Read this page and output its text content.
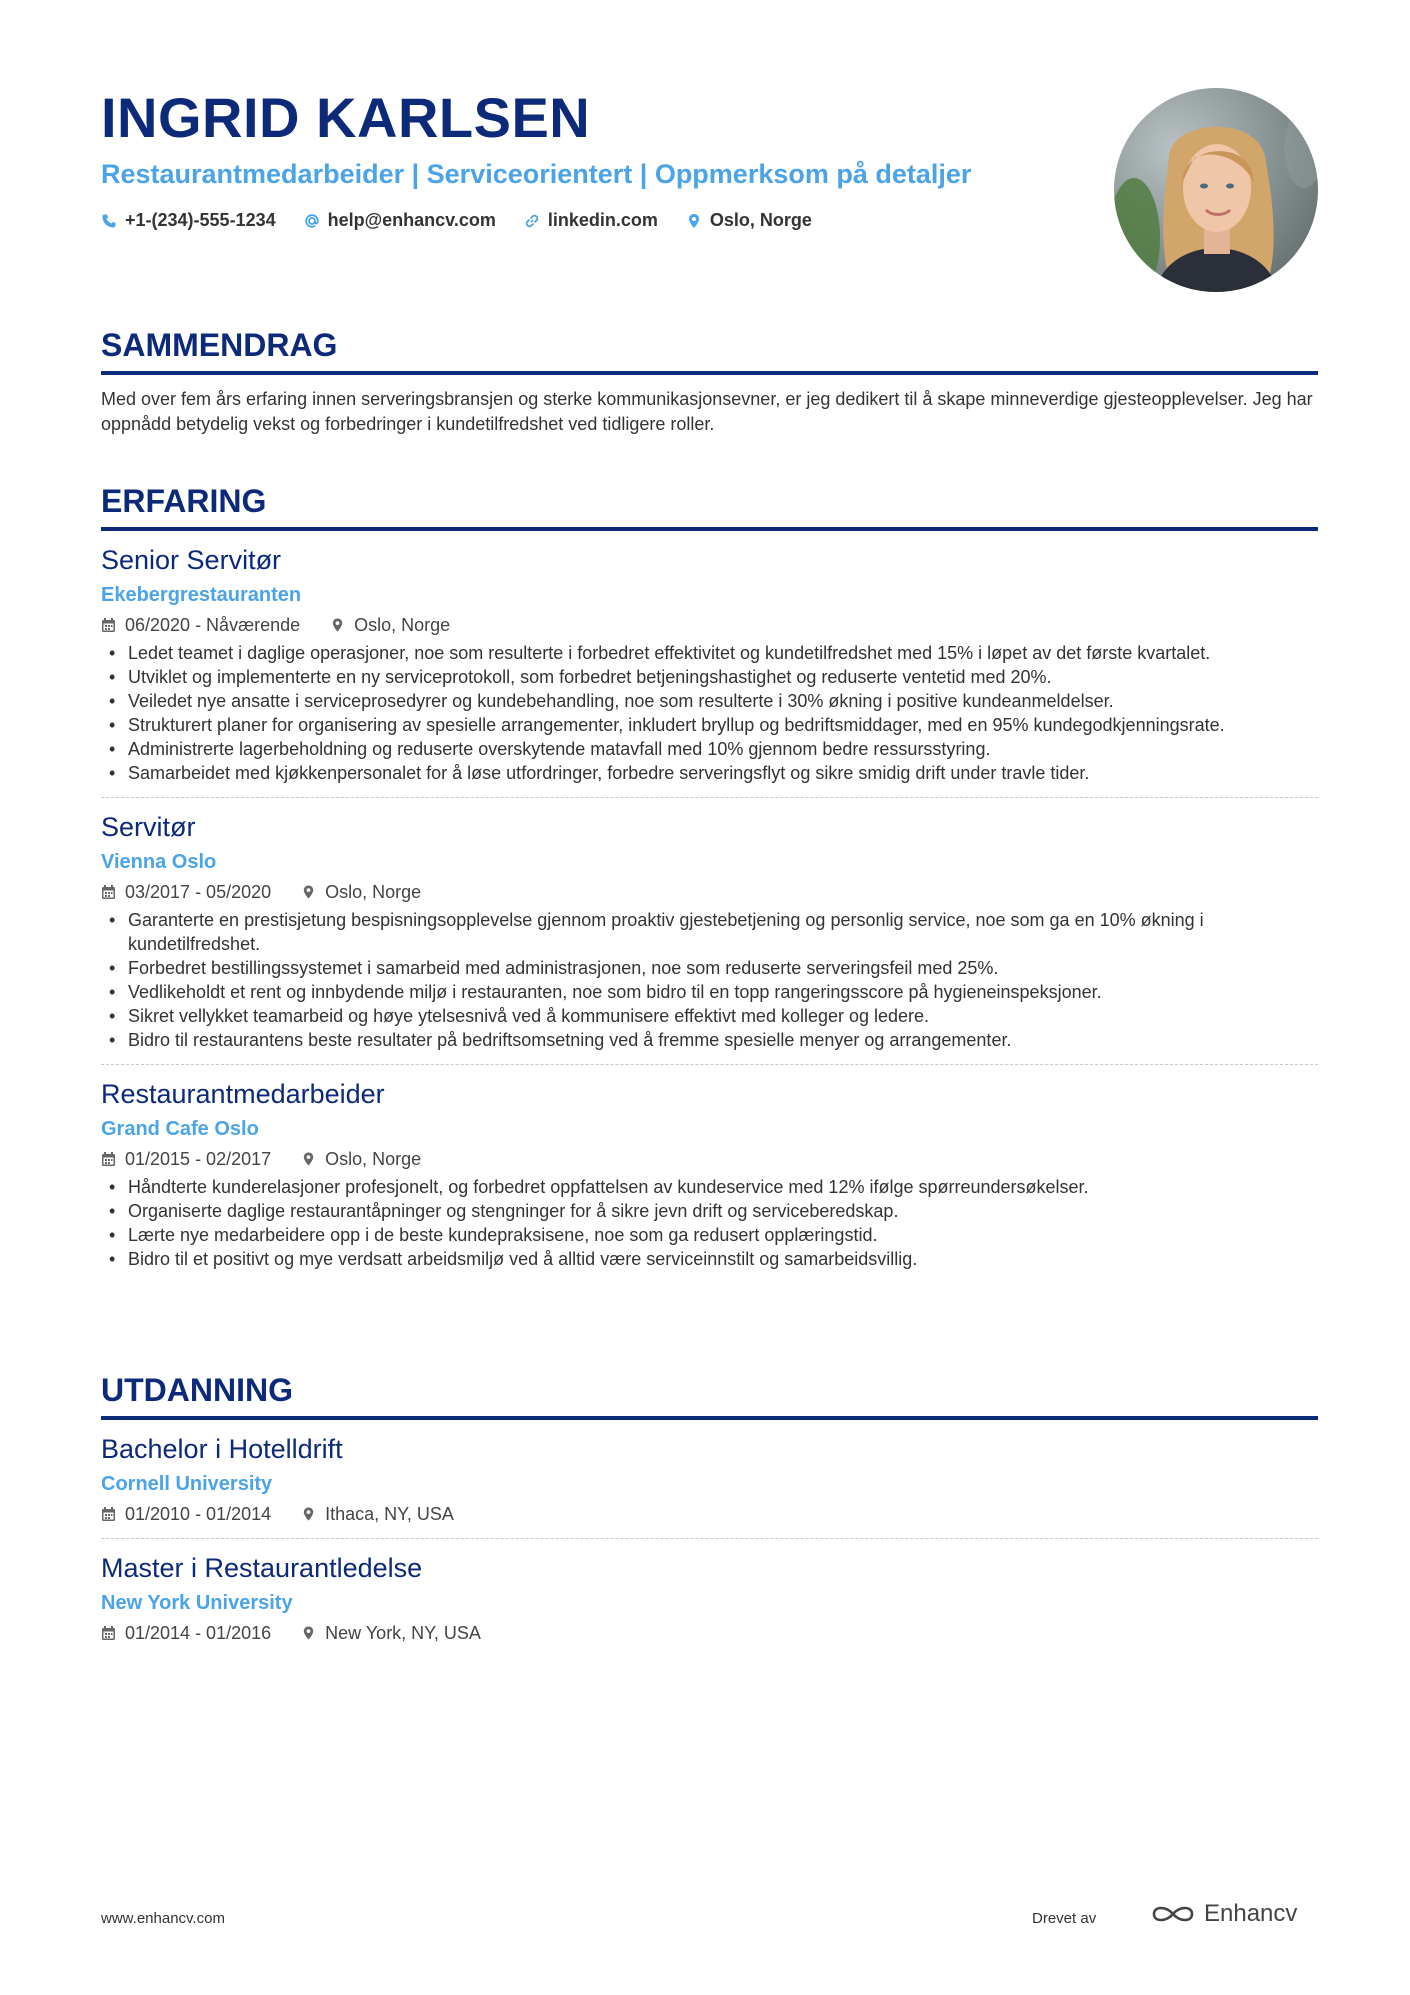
INGRID KARLSEN
Restaurantmedarbeider | Serviceorientert | Oppmerksom på detaljer
+1-(234)-555-1234	help@enhancv.com	linkedin.com	Oslo, Norge
SAMMENDRAG
Med over fem års erfaring innen serveringsbransjen og sterke kommunikasjonsevner, er jeg dedikert til å skape minneverdige gjesteopplevelser. Jeg har oppnådd betydelig vekst og forbedringer i kundetilfredshet ved tidligere roller.
ERFARING
Senior Servitør
Ekebergrestauranten
06/2020 - Nåværende	Oslo, Norge
• Ledet teamet i daglige operasjoner, noe som resulterte i forbedret effektivitet og kundetilfredshet med 15% i løpet av det første kvartalet.
• Utviklet og implementerte en ny serviceprotokoll, som forbedret betjeningshastighet og reduserte ventetid med 20%.
• Veiledet nye ansatte i serviceprosedyrer og kundebehandling, noe som resulterte i 30% økning i positive kundeanmeldelser.
• Strukturert planer for organisering av spesielle arrangementer, inkludert bryllup og bedriftsmiddager, med en 95% kundegodkjenningsrate.
• Administrerte lagerbeholdning og reduserte overskytende matavfall med 10% gjennom bedre ressursstyring.
• Samarbeidet med kjøkkenpersonalet for å løse utfordringer, forbedre serveringsflyt og sikre smidig drift under travle tider.
Servitør
Vienna Oslo
03/2017 - 05/2020	Oslo, Norge
• Garanterte en prestisjetung bespisningsopplevelse gjennom proaktiv gjestebetjening og personlig service, noe som ga en 10% økning i kundetilfredshet.
• Forbedret bestillingssystemet i samarbeid med administrasjonen, noe som reduserte serveringsfeil med 25%.
• Vedlikeholdt et rent og innbydende miljø i restauranten, noe som bidro til en topp rangeringsscore på hygieneinspeksjoner.
• Sikret vellykket teamarbeid og høye ytelsesnivå ved å kommunisere effektivt med kolleger og ledere.
• Bidro til restaurantens beste resultater på bedriftsomsetning ved å fremme spesielle menyer og arrangementer.
Restaurantmedarbeider
Grand Cafe Oslo
01/2015 - 02/2017	Oslo, Norge
• Håndterte kunderelasjoner profesjonelt, og forbedret oppfattelsen av kundeservice med 12% ifølge spørreundersøkelser.
• Organiserte daglige restaurantåpninger og stengninger for å sikre jevn drift og serviceberedskap.
• Lærte nye medarbeidere opp i de beste kundepraksisene, noe som ga redusert opplæringstid.
• Bidro til et positivt og mye verdsatt arbeidsmiljø ved å alltid være serviceinnstilt og samarbeidsvillig.
UTDANNING
Bachelor i Hotelldrift
Cornell University
01/2010 - 01/2014	Ithaca, NY, USA
Master i Restaurantledelse
New York University
01/2014 - 01/2016	New York, NY, USA
www.enhancv.com	Drevet av	Enhancv
